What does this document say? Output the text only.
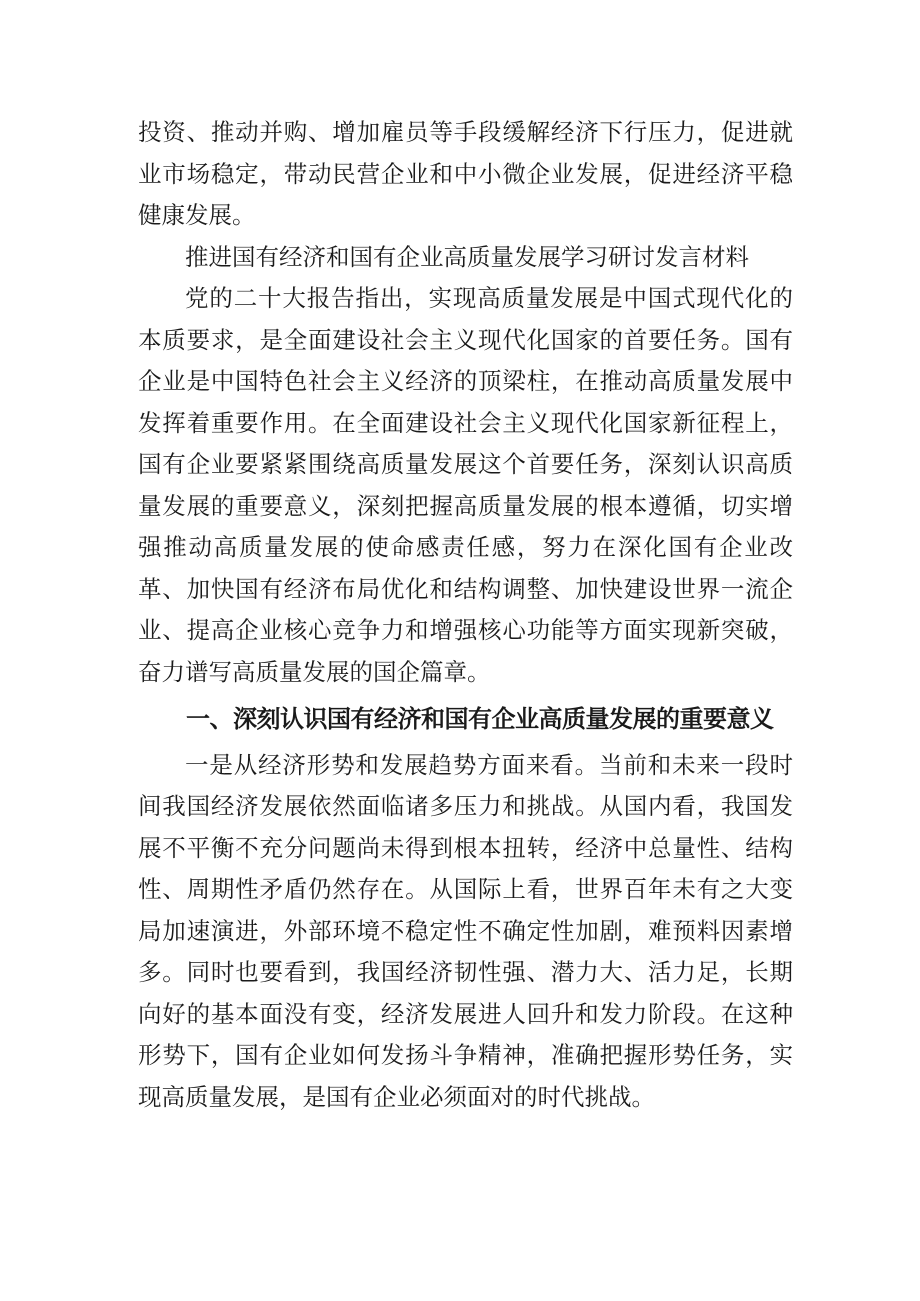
投资、推动并购、增加雇员等手段缓解经济下行压力，促进就业市场稳定，带动民营企业和中小微企业发展，促进经济平稳健康发展。

推进国有经济和国有企业高质量发展学习研讨发言材料

党的二十大报告指出，实现高质量发展是中国式现代化的本质要求，是全面建设社会主义现代化国家的首要任务。国有企业是中国特色社会主义经济的顶梁柱，在推动高质量发展中发挥着重要作用。在全面建设社会主义现代化国家新征程上，国有企业要紧紧围绕高质量发展这个首要任务，深刻认识高质量发展的重要意义，深刻把握高质量发展的根本遵循，切实增强推动高质量发展的使命感责任感，努力在深化国有企业改革、加快国有经济布局优化和结构调整、加快建设世界一流企业、提高企业核心竞争力和增强核心功能等方面实现新突破，奋力谱写高质量发展的国企篇章。

一、深刻认识国有经济和国有企业高质量发展的重要意义

一是从经济形势和发展趋势方面来看。当前和未来一段时间我国经济发展依然面临诸多压力和挑战。从国内看，我国发展不平衡不充分问题尚未得到根本扭转，经济中总量性、结构性、周期性矛盾仍然存在。从国际上看，世界百年未有之大变局加速演进，外部环境不稳定性不确定性加剧，难预料因素增多。同时也要看到，我国经济韧性强、潜力大、活力足，长期向好的基本面没有变，经济发展进人回升和发力阶段。在这种形势下，国有企业如何发扬斗争精神，准确把握形势任务，实现高质量发展，是国有企业必须面对的时代挑战。
